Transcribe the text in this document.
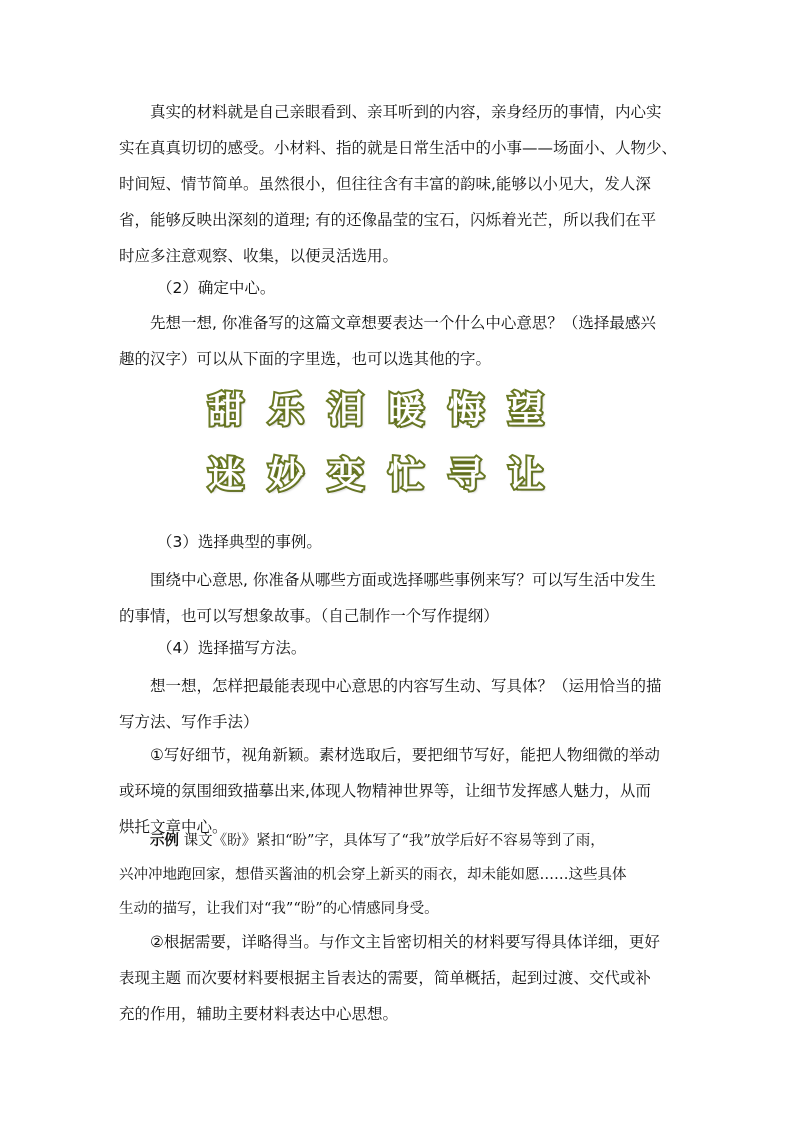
真实的材料就是自己亲眼看到、亲耳听到的内容，亲身经历的事情，内心实
实在真真切切的感受。小材料、指的就是日常生活中的小事——场面小、人物少、
时间短、情节简单。虽然很小，但往往含有丰富的韵味,能够以小见大，发人深
省，能够反映出深刻的道理; 有的还像晶莹的宝石，闪烁着光芒，所以我们在平
时应多注意观察、收集，以便灵活选用。
（2）确定中心。
先想一想, 你准备写的这篇文章想要表达一个什么中心意思？（选择最感兴
趣的汉字）可以从下面的字里选，也可以选其他的字。
甜 乐 泪 暖 悔 望
迷 妙 变 忙 寻 让
（3）选择典型的事例。
围绕中心意思, 你准备从哪些方面或选择哪些事例来写？可以写生活中发生
的事情，也可以写想象故事。（自己制作一个写作提纲）
（4）选择描写方法。
想一想，怎样把最能表现中心意思的内容写生动、写具体？（运用恰当的描
写方法、写作手法）
①写好细节，视角新颖。素材选取后，要把细节写好，能把人物细微的举动
或环境的氛围细致描摹出来,体现人物精神世界等，让细节发挥感人魅力，从而
烘托文章中心。
示例 课文《盼》紧扣“盼”字，具体写了“我”放学后好不容易等到了雨，
兴冲冲地跑回家，想借买酱油的机会穿上新买的雨衣，却未能如愿……这些具体
生动的描写，让我们对“我”“盼”的心情感同身受。
②根据需要，详略得当。与作文主旨密切相关的材料要写得具体详细，更好
表现主题 而次要材料要根据主旨表达的需要，简单概括，起到过渡、交代或补
充的作用，辅助主要材料表达中心思想。
